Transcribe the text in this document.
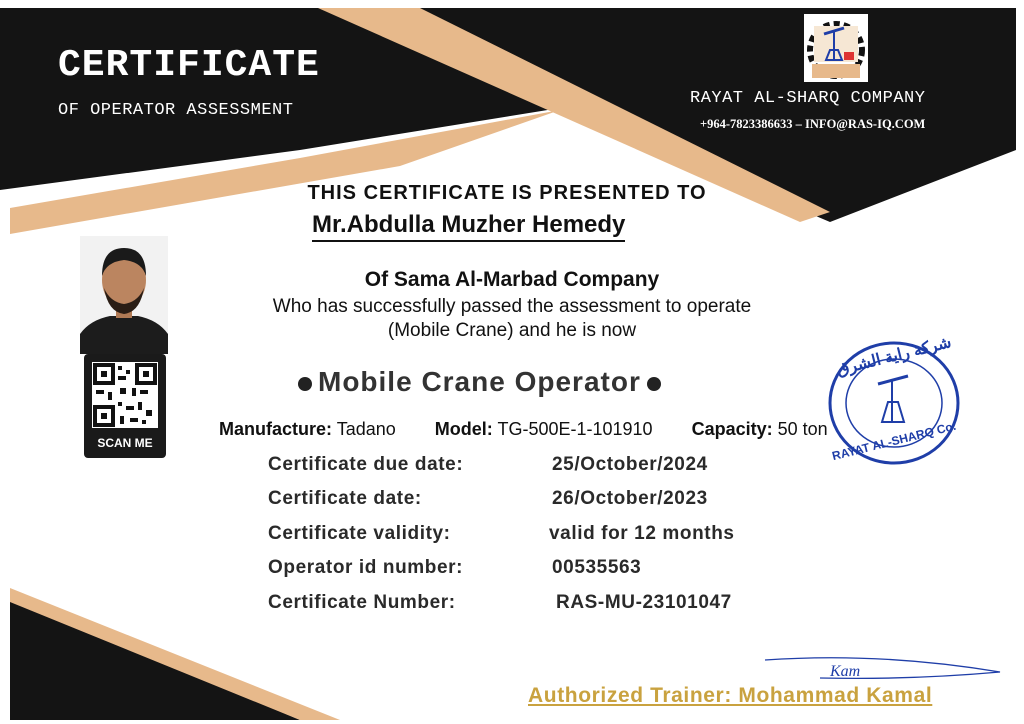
CERTIFICATE
OF OPERATOR ASSESSMENT
RAYAT AL-SHARQ COMPANY
+964-7823386633 – INFO@RAS-IQ.COM
THIS CERTIFICATE IS PRESENTED TO
Mr.Abdulla Muzher Hemedy
Of Sama Al-Marbad Company
Who has successfully passed the assessment to operate
(Mobile Crane) and he is now
Mobile Crane Operator
Manufacture: Tadano Model: TG-500E-1-101910 Capacity: 50 ton
Certificate due date:	25/October/2024
Certificate date:	26/October/2023
Certificate validity:	valid for 12 months
Operator id number:	00535563
Certificate Number:	RAS-MU-23101047
SCAN ME
شركة راية الشرق
RAYAT AL-SHARQ Co.
Kam
Authorized Trainer: Mohammad Kamal
